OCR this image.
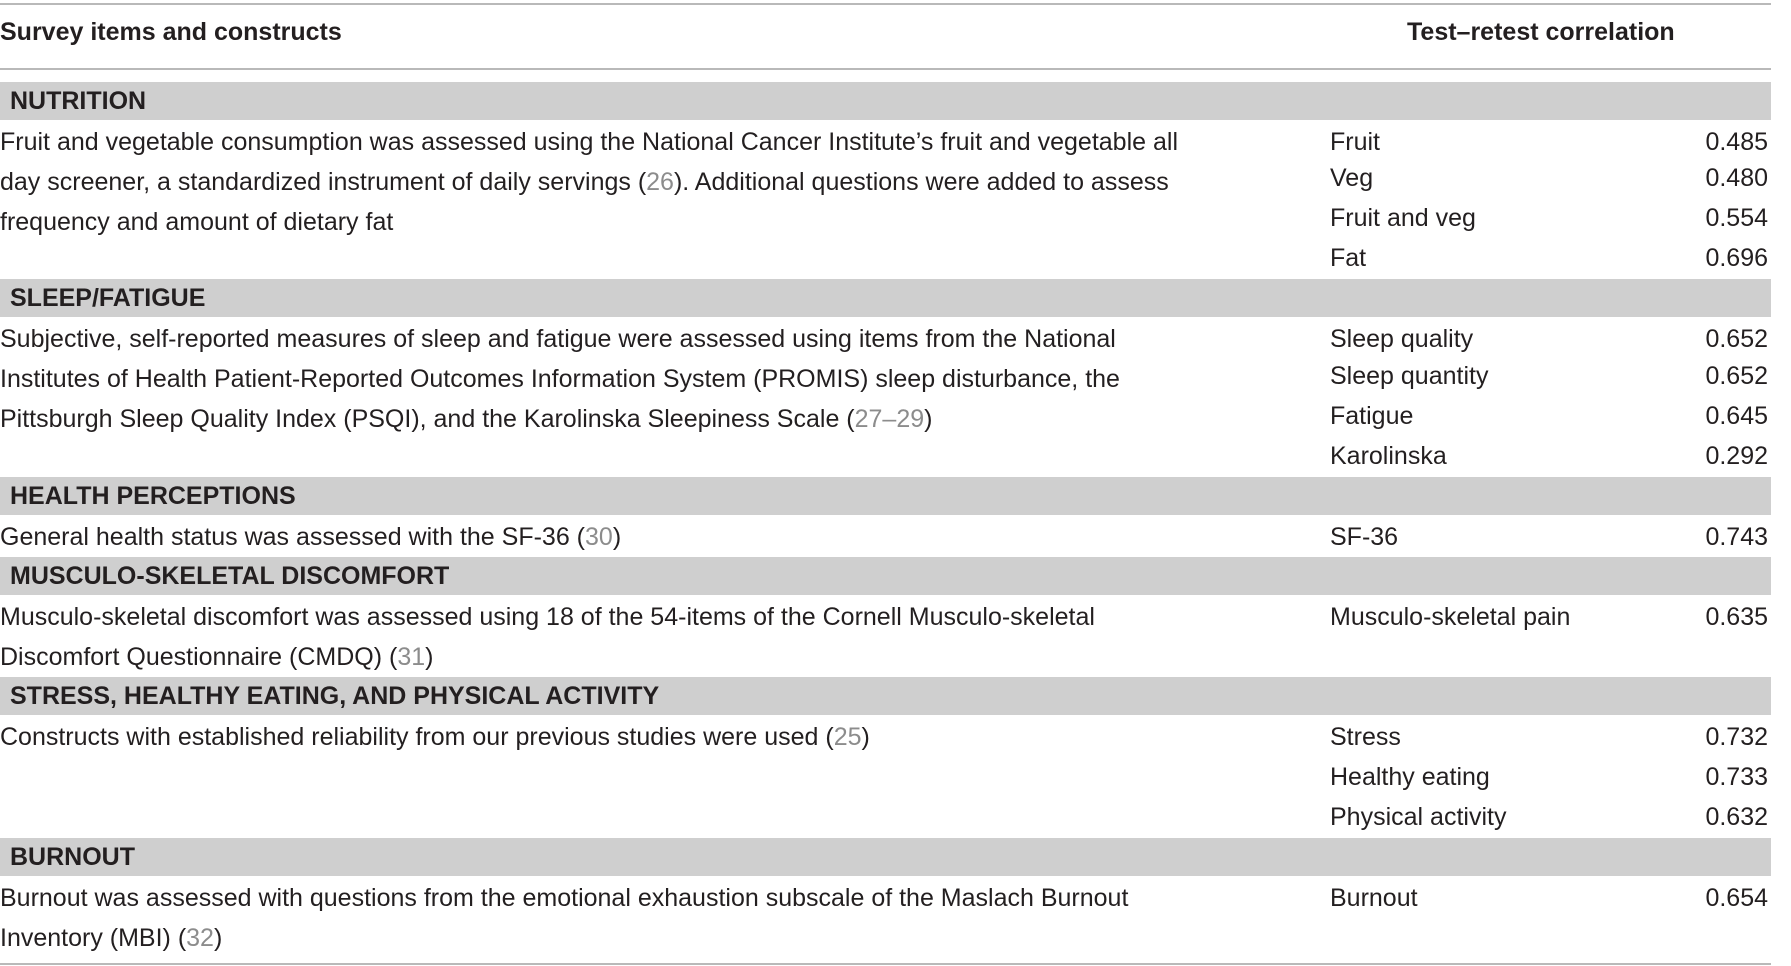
Survey items and constructs	Test–retest correlation
NUTRITION

Fruit and vegetable consumption was assessed using the National Cancer Institute’s fruit and vegetable all day screener, a standardized instrument of daily servings (26). Additional questions were added to assess frequency and amount of dietary fat

Fruit	0.485
Veg	0.480
Fruit and veg	0.554
Fat	0.696
SLEEP/FATIGUE

Subjective, self-reported measures of sleep and fatigue were assessed using items from the National Institutes of Health Patient-Reported Outcomes Information System (PROMIS) sleep disturbance, the Pittsburgh Sleep Quality Index (PSQI), and the Karolinska Sleepiness Scale (27–29)

Sleep quality	0.652
Sleep quantity	0.652
Fatigue	0.645
Karolinska	0.292
HEALTH PERCEPTIONS

General health status was assessed with the SF-36 (30)	SF-36	0.743
MUSCULO-SKELETAL DISCOMFORT

Musculo-skeletal discomfort was assessed using 18 of the 54-items of the Cornell Musculo-skeletal Discomfort Questionnaire (CMDQ) (31)

Musculo-skeletal pain	0.635
STRESS, HEALTHY EATING, AND PHYSICAL ACTIVITY

Constructs with established reliability from our previous studies were used (25)	Stress	0.732
Healthy eating	0.733
Physical activity	0.632
BURNOUT

Burnout was assessed with questions from the emotional exhaustion subscale of the Maslach Burnout Inventory (MBI) (32)

Burnout	0.654
